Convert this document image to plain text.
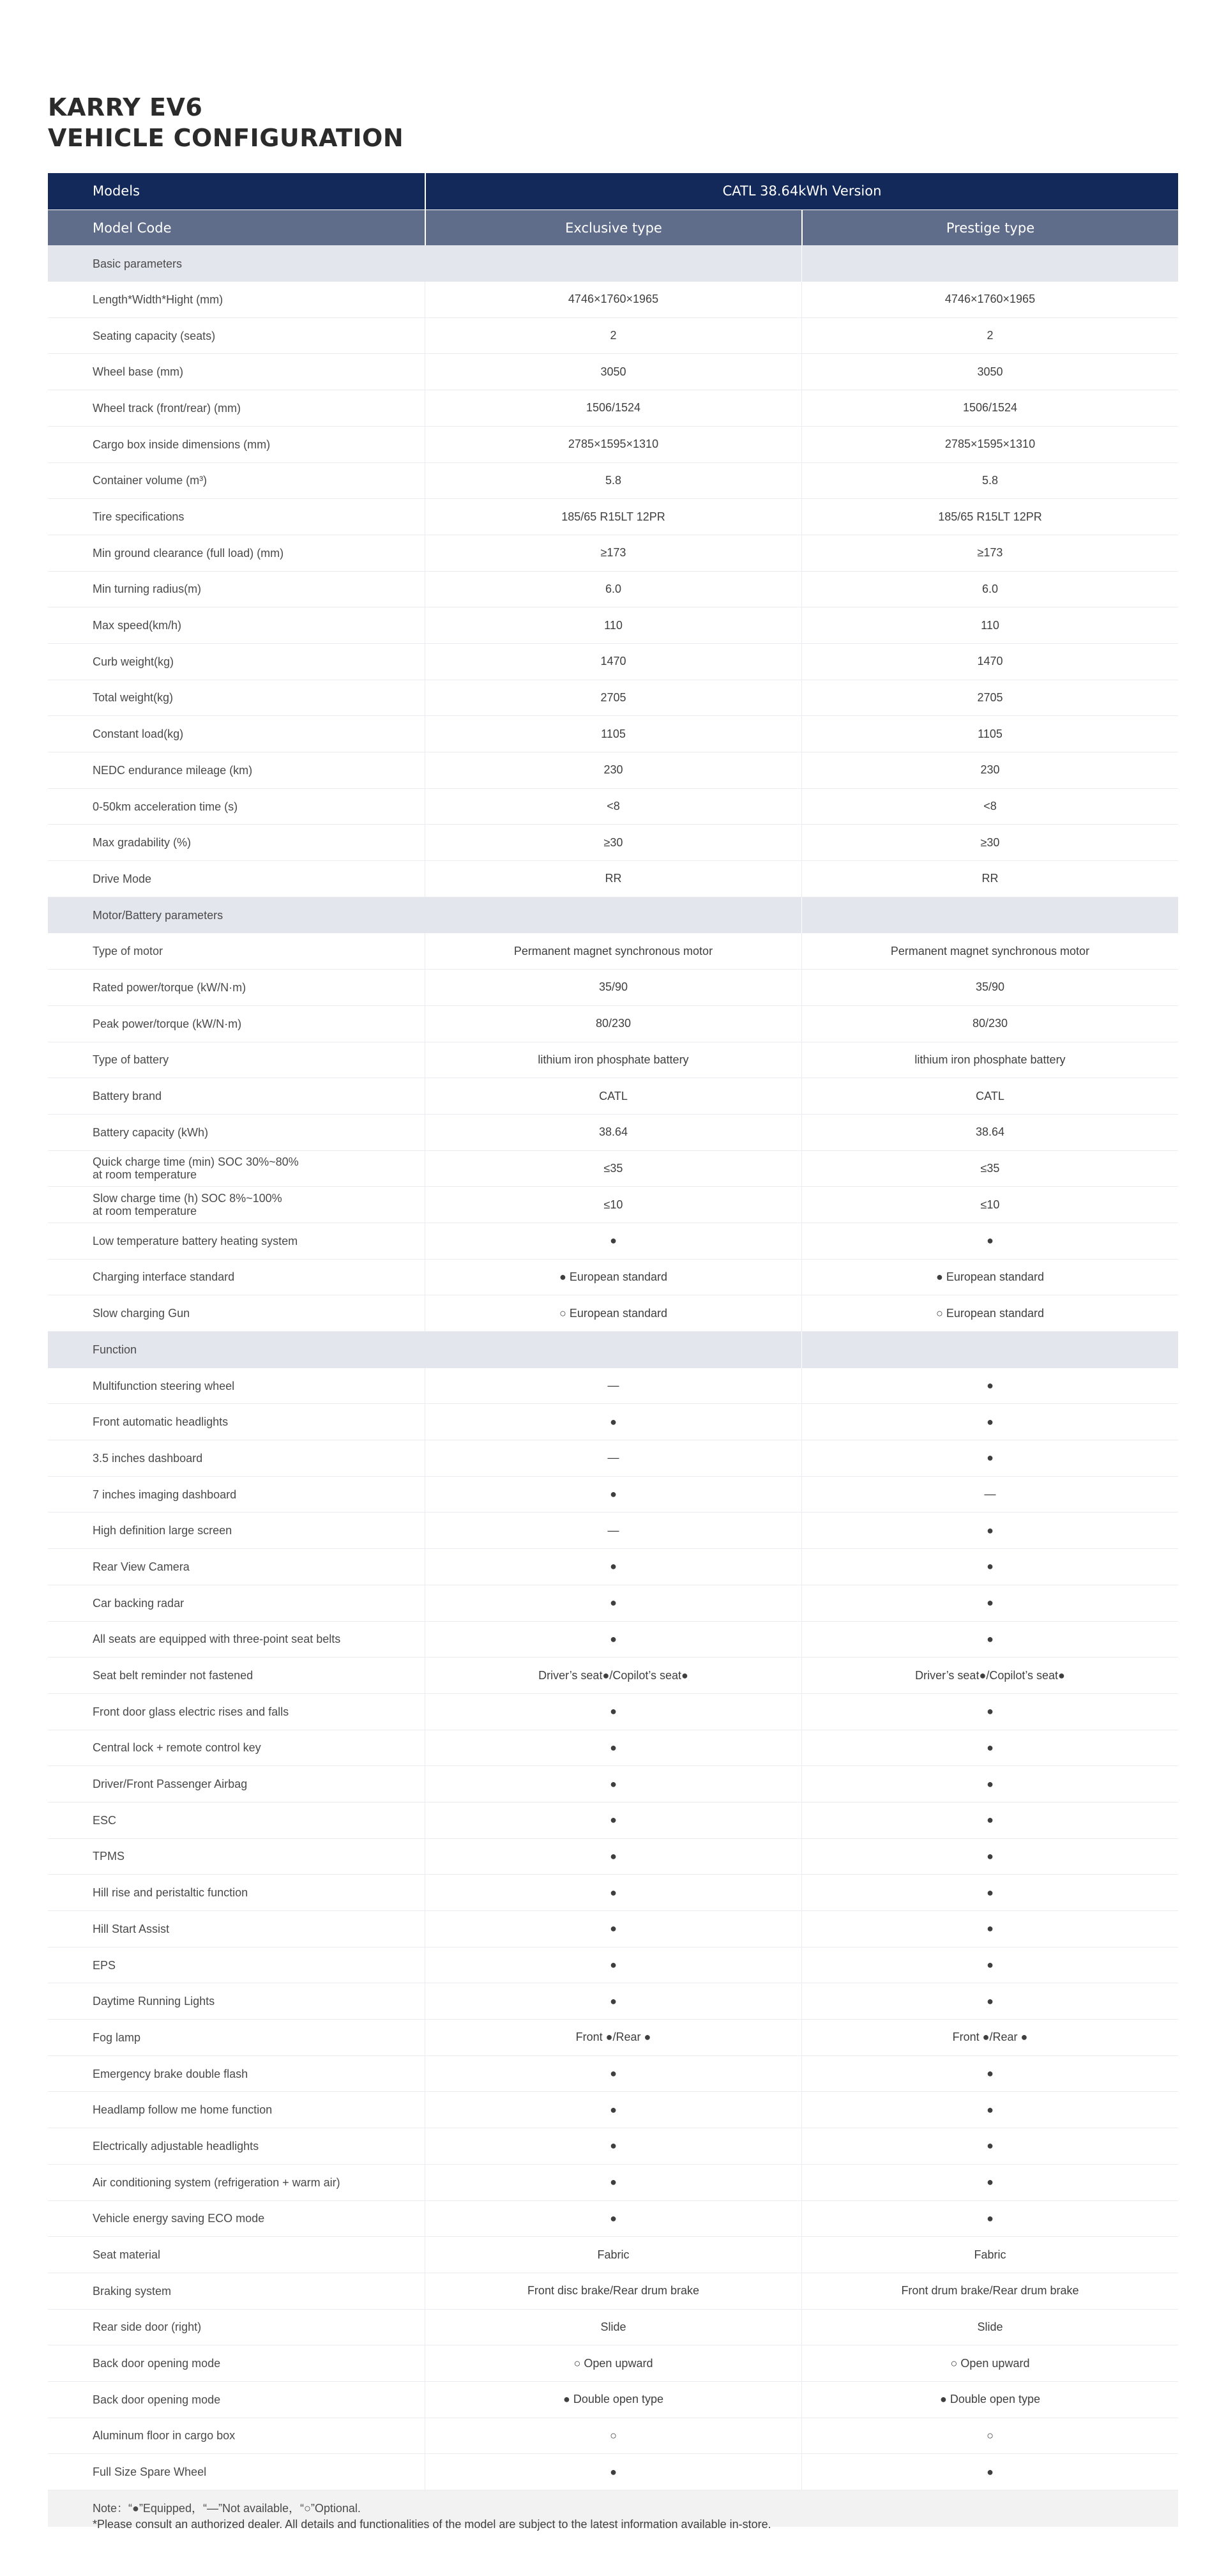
KARRY EV6
VEHICLE CONFIGURATION
Models	CATL 38.64kWh Version
Model Code	Exclusive type	Prestige type
Basic parameters
Length*Width*Hight (mm)	4746×1760×1965	4746×1760×1965
Seating capacity (seats)	2	2
Wheel base (mm)	3050	3050
Wheel track (front/rear) (mm)	1506/1524	1506/1524
Cargo box inside dimensions (mm)	2785×1595×1310	2785×1595×1310
Container volume (m³)	5.8	5.8
Tire specifications	185/65 R15LT 12PR	185/65 R15LT 12PR
Min ground clearance (full load) (mm)	≥173	≥173
Min turning radius(m)	6.0	6.0
Max speed(km/h)	110	110
Curb weight(kg)	1470	1470
Total weight(kg)	2705	2705
Constant load(kg)	1105	1105
NEDC endurance mileage (km)	230	230
0-50km acceleration time (s)	<8	<8
Max gradability (%)	≥30	≥30
Drive Mode	RR	RR
Motor/Battery parameters
Type of motor	Permanent magnet synchronous motor	Permanent magnet synchronous motor
Rated power/torque (kW/N·m)	35/90	35/90
Peak power/torque (kW/N·m)	80/230	80/230
Type of battery	lithium iron phosphate battery	lithium iron phosphate battery
Battery brand	CATL	CATL
Battery capacity (kWh)	38.64	38.64
Quick charge time (min) SOC 30%~80%
at room temperature
≤35	≤35
Slow charge time (h) SOC 8%~100%
at room temperature
≤10	≤10
Low temperature battery heating system	●	●
Charging interface standard	● European standard	● European standard
Slow charging Gun	○ European standard	○ European standard
Function
Multifunction steering wheel	—	●
Front automatic headlights	●	●
3.5 inches dashboard	—	●
7 inches imaging dashboard	●	—
High definition large screen	—	●
Rear View Camera	●	●
Car backing radar	●	●
All seats are equipped with three-point seat belts	●	●
Seat belt reminder not fastened	Driver’s seat●/Copilot’s seat●	Driver’s seat●/Copilot’s seat●
Front door glass electric rises and falls	●	●
Central lock + remote control key	●	●
Driver/Front Passenger Airbag	●	●
ESC	●	●
TPMS	●	●
Hill rise and peristaltic function	●	●
Hill Start Assist	●	●
EPS	●	●
Daytime Running Lights	●	●
Fog lamp	Front ●/Rear ●	Front ●/Rear ●
Emergency brake double flash	●	●
Headlamp follow me home function	●	●
Electrically adjustable headlights	●	●
Air conditioning system (refrigeration + warm air)	●	●
Vehicle energy saving ECO mode	●	●
Seat material	Fabric	Fabric
Braking system	Front disc brake/Rear drum brake	Front drum brake/Rear drum brake
Rear side door (right)	Slide	Slide
Back door opening mode	○ Open upward	○ Open upward
Back door opening mode	● Double open type	● Double open type
Aluminum floor in cargo box	○	○
Full Size Spare Wheel	●	●
Note：“●”Equipped，“—”Not available，“○”Optional.
*Please consult an authorized dealer. All details and functionalities of the model are subject to the latest information available in-store.
